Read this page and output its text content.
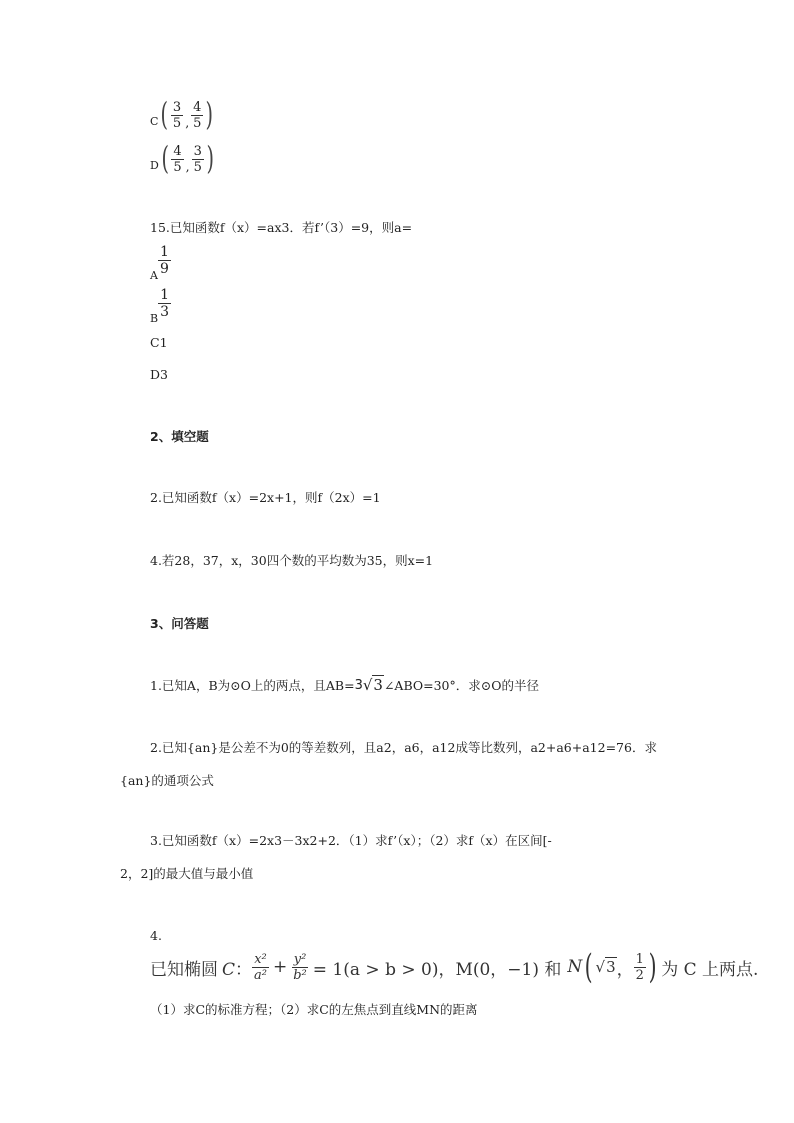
C ( $\frac{3}{5}$ , $\frac{4}{5}$ )
D ( $\frac{4}{5}$ , $\frac{3}{5}$ )
15.已知函数f（x）=ax3．若f’（3）=9，则a=
A $\frac{1}{9}$
B $\frac{1}{3}$
C1
D3
2、填空题
2.已知函数f（x）=2x+1，则f（2x）=1
4.若28，37，x，30四个数的平均数为35，则x=1
3、问答题
1.已知A，B为⊙O上的两点，且AB= 3 √3 ∠ABO=30°．求⊙O的半径
2.已知{an}是公差不为0的等差数列，且a2，a6，a12成等比数列，a2+a6+a12=76．求
{an}的通项公式
3.已知函数f（x）=2x3－3x2+2．（1）求f’（x）；（2）求f（x）在区间[-
2，2]的最大值与最小值
4.
已知椭圆 C： $\frac{\text{x²}}{\text{a²}} + \frac{\text{y²}}{\text{b²}} = 1(a > b > 0)$，M(0，−1) 和 N ( √3 ， $\frac{1}{2}$ ) 为 C 上两点.
（1）求C的标准方程；（2）求C的左焦点到直线MN的距离
